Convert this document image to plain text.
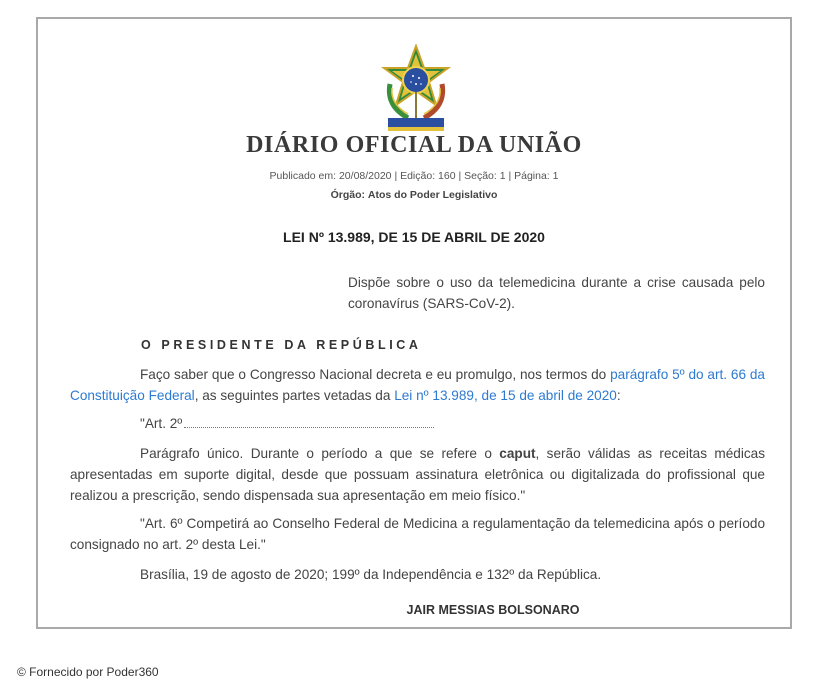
DIÁRIO OFICIAL DA UNIÃO
Publicado em: 20/08/2020 | Edição: 160 | Seção: 1 | Página: 1
Órgão: Atos do Poder Legislativo
LEI Nº 13.989, DE 15 DE ABRIL DE 2020
Dispõe sobre o uso da telemedicina durante a crise causada pelo coronavírus (SARS-CoV-2).
O PRESIDENTE DA REPÚBLICA
Faço saber que o Congresso Nacional decreta e eu promulgo, nos termos do parágrafo 5º do art. 66 da Constituição Federal, as seguintes partes vetadas da Lei nº 13.989, de 15 de abril de 2020:
"Art. 2º
Parágrafo único. Durante o período a que se refere o caput, serão válidas as receitas médicas apresentadas em suporte digital, desde que possuam assinatura eletrônica ou digitalizada do profissional que realizou a prescrição, sendo dispensada sua apresentação em meio físico."
"Art. 6º Competirá ao Conselho Federal de Medicina a regulamentação da telemedicina após o período consignado no art. 2º desta Lei."
Brasília, 19 de agosto de 2020; 199º da Independência e 132º da República.
JAIR MESSIAS BOLSONARO
© Fornecido por Poder360
